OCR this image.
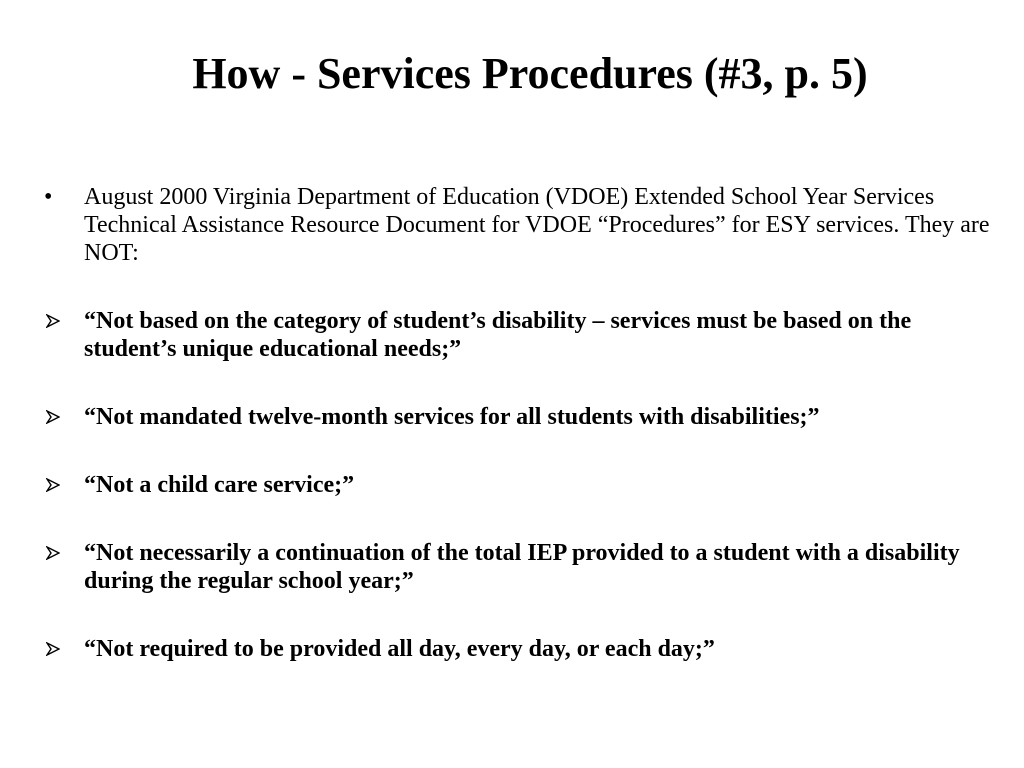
How - Services Procedures (#3, p. 5)
•	August 2000 Virginia Department of Education (VDOE) Extended School Year Services Technical Assistance Resource Document for VDOE “Procedures” for ESY services. They are NOT:
“Not based on the category of student’s disability – services must be based on the student’s unique educational needs;”
“Not mandated twelve-month services for all students with disabilities;”
“Not a child care service;”
“Not necessarily a continuation of the total IEP provided to a student with a disability during the regular school year;”
“Not required to be provided all day, every day, or each day;”
